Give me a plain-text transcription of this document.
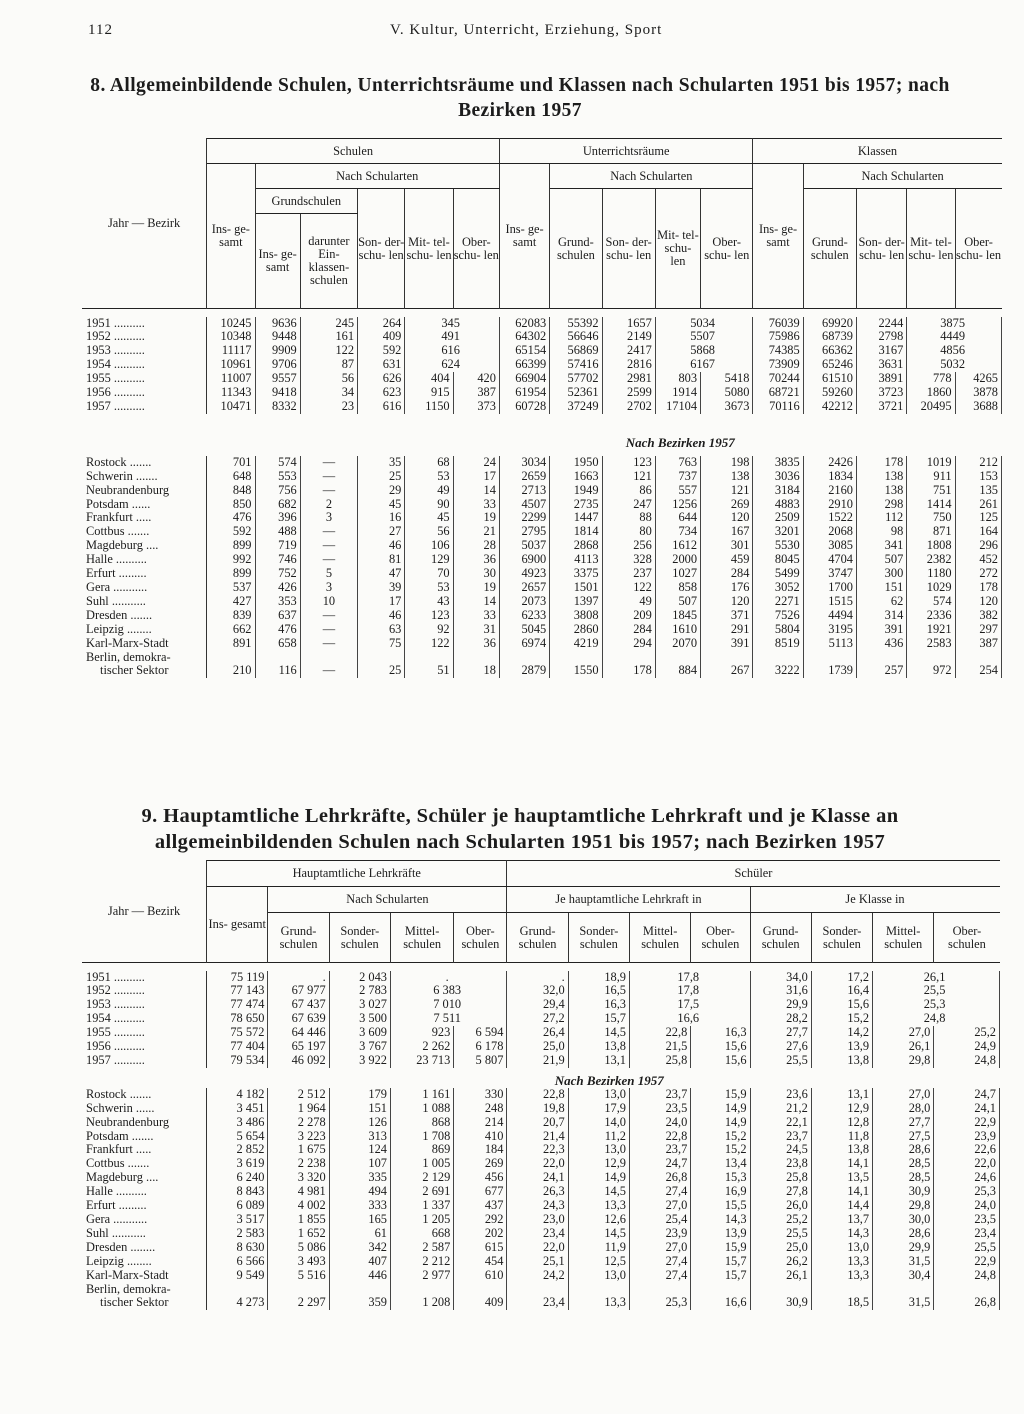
112	V. Kultur, Unterricht, Erziehung, Sport
8. Allgemeinbildende Schulen, Unterrichtsräume und Klassen nach Schularten 1951 bis 1957; nach Bezirken 1957
Jahr — Bezirk	Schulen						Unterrichtsräume					Klassen				
	Ins- ge- samt	Nach Schularten					Ins- ge- samt	Nach Schularten				Ins- ge- samt	Nach Schularten			
		Grundschulen		Son- der- schu- len	Mit- tel- schu- len	Ober- schu- len		Grund- schulen	Son- der- schu- len	Mit- tel- schu- len	Ober- schu- len		Grund- schulen	Son- der- schu- len	Mit- tel- schu- len	Ober- schu- len
		Ins- ge- samt	darunter Ein- klassen- schulen													

1951 ..........	10245	9636	245	264	345		62083	55392	1657	5034		76039	69920	2244	3875	

1952 ..........	10348	9448	161	409	491		64302	56646	2149	5507		75986	68739	2798	4449	

1953 ..........	11117	9909	122	592	616		65154	56869	2417	5868		74385	66362	3167	4856	

1954 ..........	10961	9706	87	631	624		66399	57416	2816	6167		73909	65246	3631	5032	

1955 ..........	11007	9557	56	626	404	420	66904	57702	2981	803	5418	70244	61510	3891	778	4265

1956 ..........	11343	9418	34	623	915	387	61954	52361	2599	1914	5080	68721	59260	3723	1860	3878

1957 ..........	10471	8332	23	616	1150	373	60728	37249	2702	17104	3673	70116	42212	3721	20495	3688
Nach Bezirken 1957																

Rostock .......	701	574	—	35	68	24	3034	1950	123	763	198	3835	2426	178	1019	212

Schwerin .......	648	553	—	25	53	17	2659	1663	121	737	138	3036	1834	138	911	153

Neubrandenburg	848	756	—	29	49	14	2713	1949	86	557	121	3184	2160	138	751	135

Potsdam ......	850	682	2	45	90	33	4507	2735	247	1256	269	4883	2910	298	1414	261

Frankfurt .....	476	396	3	16	45	19	2299	1447	88	644	120	2509	1522	112	750	125

Cottbus .......	592	488	—	27	56	21	2795	1814	80	734	167	3201	2068	98	871	164

Magdeburg ....	899	719	—	46	106	28	5037	2868	256	1612	301	5530	3085	341	1808	296

Halle ..........	992	746	—	81	129	36	6900	4113	328	2000	459	8045	4704	507	2382	452

Erfurt .........	899	752	5	47	70	30	4923	3375	237	1027	284	5499	3747	300	1180	272

Gera ...........	537	426	3	39	53	19	2657	1501	122	858	176	3052	1700	151	1029	178

Suhl ...........	427	353	10	17	43	14	2073	1397	49	507	120	2271	1515	62	574	120

Dresden .......	839	637	—	46	123	33	6233	3808	209	1845	371	7526	4494	314	2336	382

Leipzig ........	662	476	—	63	92	31	5045	2860	284	1610	291	5804	3195	391	1921	297

Karl-Marx-Stadt	891	658	—	75	122	36	6974	4219	294	2070	391	8519	5113	436	2583	387

Berlin, demokra-
tischer Sektor	210	116	—	25	51	18	2879	1550	178	884	267	3222	1739	257	972	254
9. Hauptamtliche Lehrkräfte, Schüler je hauptamtliche Lehrkraft und je Klasse an allgemeinbildenden Schulen nach Schularten 1951 bis 1957; nach Bezirken 1957
Jahr — Bezirk	Hauptamtliche Lehrkräfte					Schüler							
	Ins- gesamt	Nach Schularten				Je hauptamtliche Lehrkraft in				Je Klasse in			
		Grund- schulen	Sonder- schulen	Mittel- schulen	Ober- schulen	Grund- schulen	Sonder- schulen	Mittel- schulen	Ober- schulen	Grund- schulen	Sonder- schulen	Mittel- schulen	Ober- schulen

1951 ..........	75 119	.	2 043	.		.	18,9	17,8		34,0	17,2	26,1	

1952 ..........	77 143	67 977	2 783	6 383		32,0	16,5	17,8		31,6	16,4	25,5	

1953 ..........	77 474	67 437	3 027	7 010		29,4	16,3	17,5		29,9	15,6	25,3	

1954 ..........	78 650	67 639	3 500	7 511		27,2	15,7	16,6		28,2	15,2	24,8	

1955 ..........	75 572	64 446	3 609	923	6 594	26,4	14,5	22,8	16,3	27,7	14,2	27,0	25,2

1956 ..........	77 404	65 197	3 767	2 262	6 178	25,0	13,8	21,5	15,6	27,6	13,9	26,1	24,9

1957 ..........	79 534	46 092	3 922	23 713	5 807	21,9	13,1	25,8	15,6	25,5	13,8	29,8	24,8
Nach Bezirken 1957													

Rostock .......	4 182	2 512	179	1 161	330	22,8	13,0	23,7	15,9	23,6	13,1	27,0	24,7

Schwerin ......	3 451	1 964	151	1 088	248	19,8	17,9	23,5	14,9	21,2	12,9	28,0	24,1

Neubrandenburg	3 486	2 278	126	868	214	20,7	14,0	24,0	14,9	22,1	12,8	27,7	22,9

Potsdam .......	5 654	3 223	313	1 708	410	21,4	11,2	22,8	15,2	23,7	11,8	27,5	23,9

Frankfurt .....	2 852	1 675	124	869	184	22,3	13,0	23,7	15,2	24,5	13,8	28,6	22,6

Cottbus .......	3 619	2 238	107	1 005	269	22,0	12,9	24,7	13,4	23,8	14,1	28,5	22,0

Magdeburg ....	6 240	3 320	335	2 129	456	24,1	14,9	26,8	15,3	25,8	13,5	28,5	24,6

Halle ..........	8 843	4 981	494	2 691	677	26,3	14,5	27,4	16,9	27,8	14,1	30,9	25,3

Erfurt .........	6 089	4 002	333	1 337	437	24,3	13,3	27,0	15,5	26,0	14,4	29,8	24,0

Gera ...........	3 517	1 855	165	1 205	292	23,0	12,6	25,4	14,3	25,2	13,7	30,0	23,5

Suhl ...........	2 583	1 652	61	668	202	23,4	14,5	23,9	13,9	25,5	14,3	28,6	23,4

Dresden ........	8 630	5 086	342	2 587	615	22,0	11,9	27,0	15,9	25,0	13,0	29,9	25,5

Leipzig ........	6 566	3 493	407	2 212	454	25,1	12,5	27,4	15,7	26,2	13,3	31,5	22,9

Karl-Marx-Stadt	9 549	5 516	446	2 977	610	24,2	13,0	27,4	15,7	26,1	13,3	30,4	24,8

Berlin, demokra-
tischer Sektor	4 273	2 297	359	1 208	409	23,4	13,3	25,3	16,6	30,9	18,5	31,5	26,8
